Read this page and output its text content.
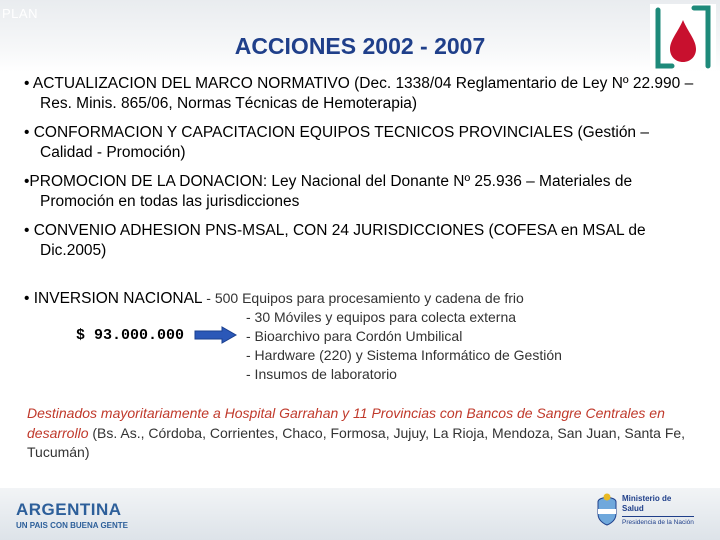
PLAN
ACCIONES 2002 - 2007
• ACTUALIZACION DEL MARCO NORMATIVO (Dec. 1338/04 Reglamentario de Ley Nº 22.990 – Res. Minis. 865/06, Normas Técnicas de Hemoterapia)
• CONFORMACION Y CAPACITACION EQUIPOS TECNICOS PROVINCIALES (Gestión – Calidad - Promoción)
•PROMOCION DE LA DONACION: Ley Nacional del Donante Nº 25.936 – Materiales de Promoción en todas las jurisdicciones
• CONVENIO ADHESION PNS-MSAL, CON 24 JURISDICCIONES (COFESA en MSAL de Dic.2005)
• INVERSION NACIONAL - 500 Equipos para procesamiento y cadena de frio
$ 93.000.000
- 30 Móviles y equipos para colecta externa
- Bioarchivo para Cordón Umbilical
- Hardware (220) y Sistema Informático de Gestión
- Insumos de laboratorio
Destinados mayoritariamente a Hospital Garrahan y 11 Provincias con Bancos de Sangre Centrales en desarrollo (Bs. As., Córdoba, Corrientes, Chaco, Formosa, Jujuy, La Rioja, Mendoza, San Juan, Santa Fe, Tucumán)
ARGENTINA
UN PAIS CON BUENA GENTE
Ministerio de
Salud
Presidencia de la Nación
